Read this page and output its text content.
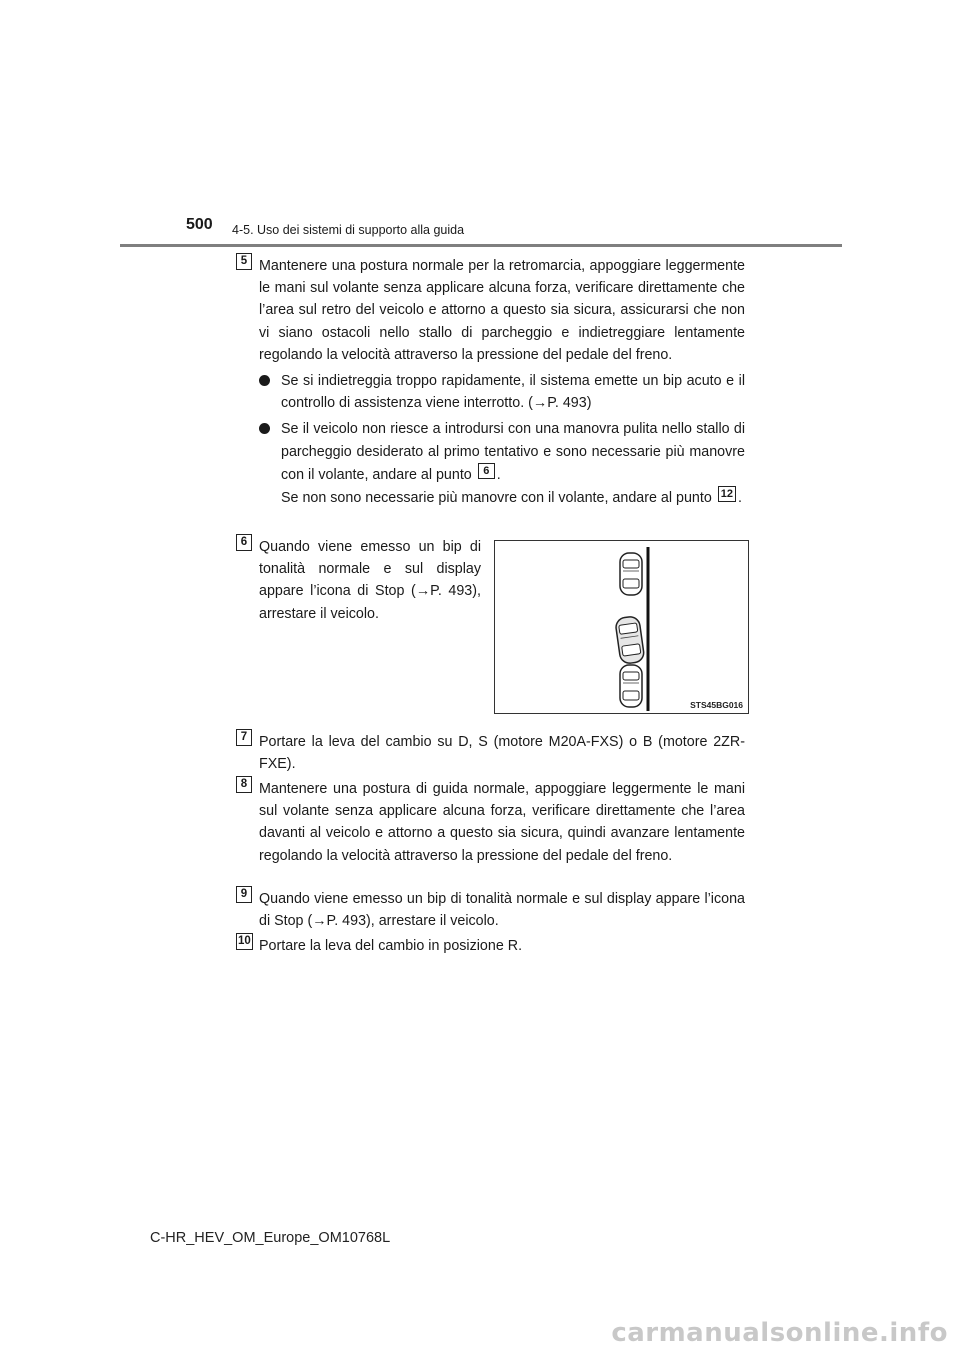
500 4-5. Uso dei sistemi di supporto alla guida
5 Mantenere una postura normale per la retromarcia, appoggiare leggermente le mani sul volante senza applicare alcuna forza, verificare direttamente che l’area sul retro del veicolo e attorno a questo sia sicura, assicurarsi che non vi siano ostacoli nello stallo di parcheggio e indietreggiare lentamente regolando la velocità attraverso la pressione del pedale del freno.
Se si indietreggia troppo rapidamente, il sistema emette un bip acuto e il controllo di assistenza viene interrotto. (→P. 493)
Se il veicolo non riesce a introdursi con una manovra pulita nello stallo di parcheggio desiderato al primo tentativo e sono necessarie più manovre con il volante, andare al punto 6 .
Se non sono necessarie più manovre con il volante, andare al punto 12 .
6 Quando viene emesso un bip di tonalità normale e sul display appare l’icona di Stop (→P. 493), arrestare il veicolo.
STS45BG016
7 Portare la leva del cambio su D, S (motore M20A-FXS) o B (motore 2ZR-FXE).
8 Mantenere una postura di guida normale, appoggiare leggermente le mani sul volante senza applicare alcuna forza, verificare direttamente che l’area davanti al veicolo e attorno a questo sia sicura, quindi avanzare lentamente regolando la velocità attraverso la pressione del pedale del freno.
9 Quando viene emesso un bip di tonalità normale e sul display appare l’icona di Stop (→P. 493), arrestare il veicolo.
10 Portare la leva del cambio in posizione R.
C-HR_HEV_OM_Europe_OM10768L
carmanualsonline.info
